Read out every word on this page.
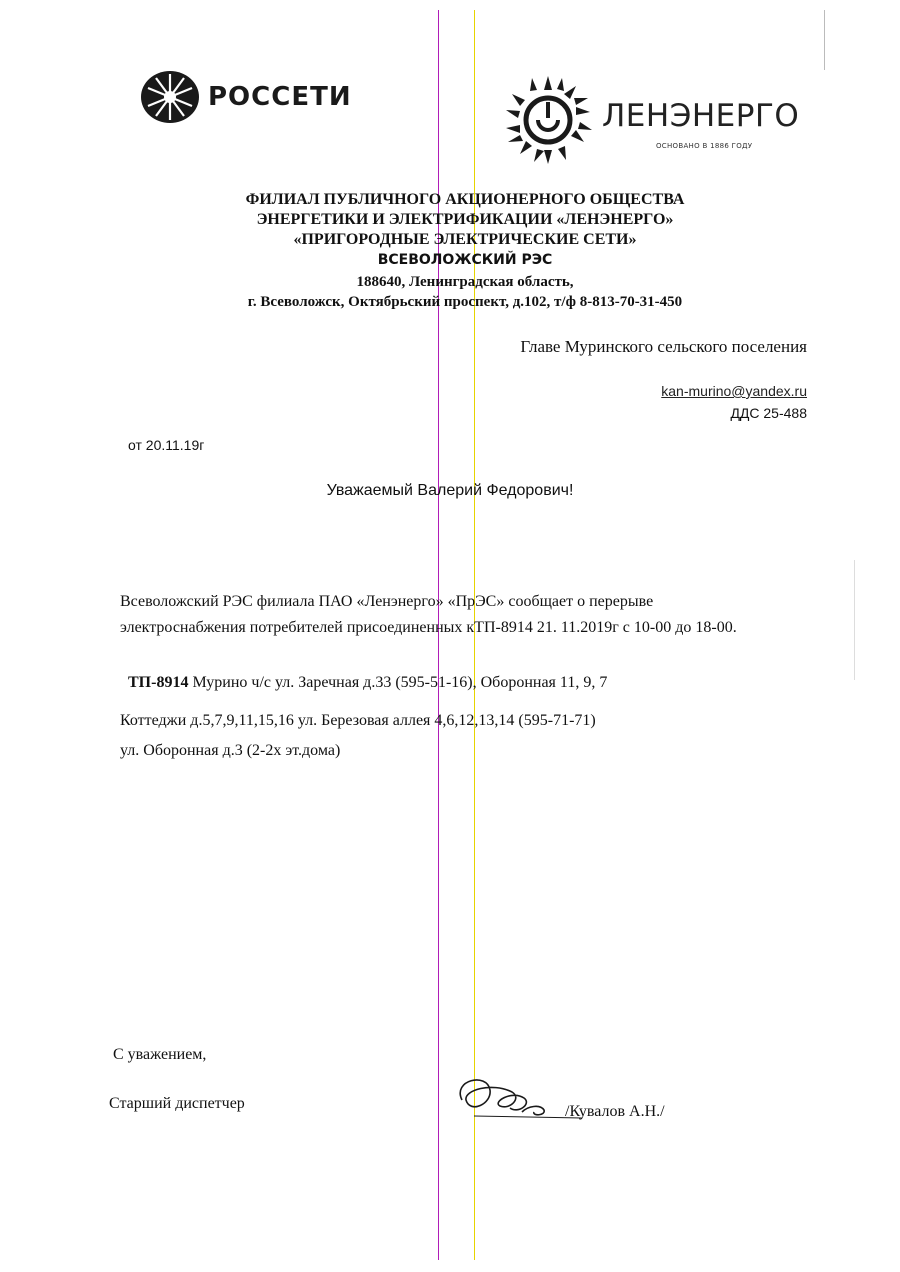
РОССЕТИ
ЛЕНЭНЕРГО
ОСНОВАНО В 1886 ГОДУ
ФИЛИАЛ ПУБЛИЧНОГО АКЦИОНЕРНОГО ОБЩЕСТВА
ЭНЕРГЕТИКИ И ЭЛЕКТРИФИКАЦИИ «ЛЕНЭНЕРГО»
«ПРИГОРОДНЫЕ ЭЛЕКТРИЧЕСКИЕ СЕТИ»
ВСЕВОЛОЖСКИЙ РЭС
188640, Ленинградская область,
г. Всеволожск, Октябрьский проспект, д.102, т/ф 8-813-70-31-450
Главе Муринского сельского поселения
kan-murino@yandex.ru
ДДС 25-488
от 20.11.19г
Уважаемый Валерий Федорович!
Всеволожский РЭС филиала ПАО «Ленэнерго» «ПрЭС» сообщает о перерыве
электроснабжения потребителей присоединенных кТП-8914 21. 11.2019г с 10-00 до 18-00.
ТП-8914 Мурино ч/с ул. Заречная д.33 (595-51-16), Оборонная 11, 9, 7
Коттеджи д.5,7,9,11,15,16 ул. Березовая аллея 4,6,12,13,14 (595-71-71)
ул. Оборонная д.3 (2-2х эт.дома)
С уважением,
Старший диспетчер	/Кувалов А.Н./
